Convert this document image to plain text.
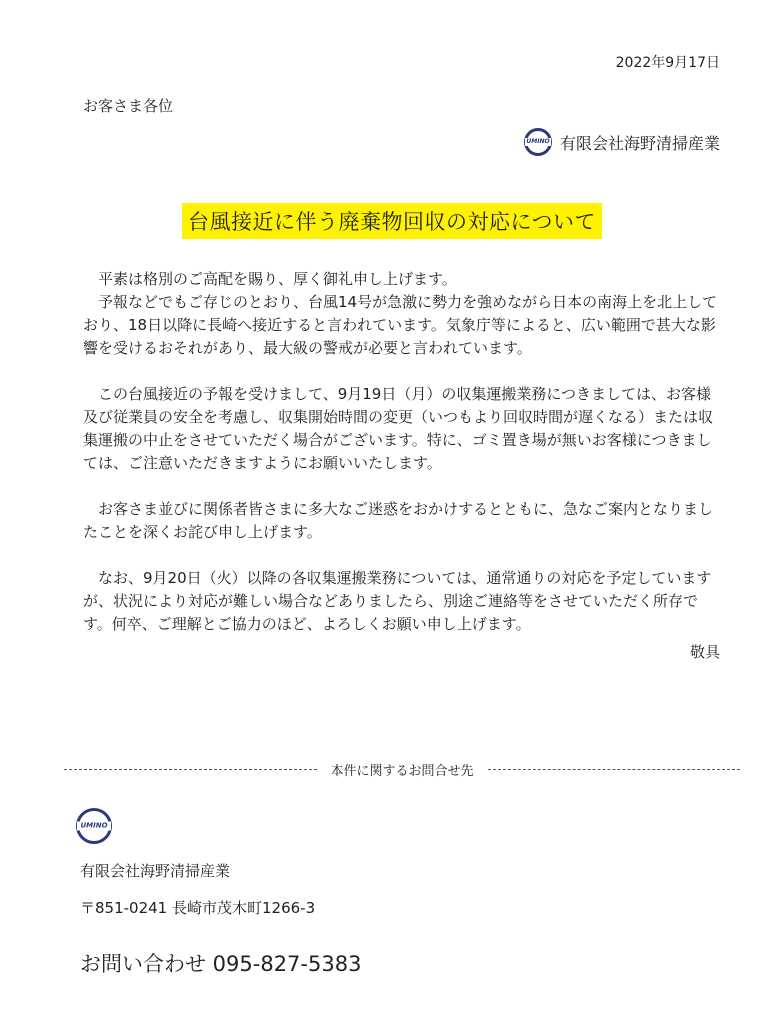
2022年9月17日
お客さま各位
UMINO 有限会社海野清掃産業
台風接近に伴う廃棄物回収の対応について

平素は格別のご高配を賜り、厚く御礼申し上げます。

予報などでもご存じのとおり、台風14号が急激に勢力を強めながら日本の南海上を北上しており、18日以降に長崎へ接近すると言われています。気象庁等によると、広い範囲で甚大な影響を受けるおそれがあり、最大級の警戒が必要と言われています。

この台風接近の予報を受けまして、9月19日（月）の収集運搬業務につきましては、お客様及び従業員の安全を考慮し、収集開始時間の変更（いつもより回収時間が遅くなる）または収集運搬の中止をさせていただく場合がございます。特に、ゴミ置き場が無いお客様につきましては、ご注意いただきますようにお願いいたします。

お客さま並びに関係者皆さまに多大なご迷惑をおかけするとともに、急なご案内となりましたことを深くお詫び申し上げます。

なお、9月20日（火）以降の各収集運搬業務については、通常通りの対応を予定していますが、状況により対応が難しい場合などありましたら、別途ご連絡等をさせていただく所存です。何卒、ご理解とご協力のほど、よろしくお願い申し上げます。

敬具
本件に関するお問合せ先
UMINO
有限会社海野清掃産業
〒851-0241 長崎市茂木町1266-3
お問い合わせ 095-827-5383
